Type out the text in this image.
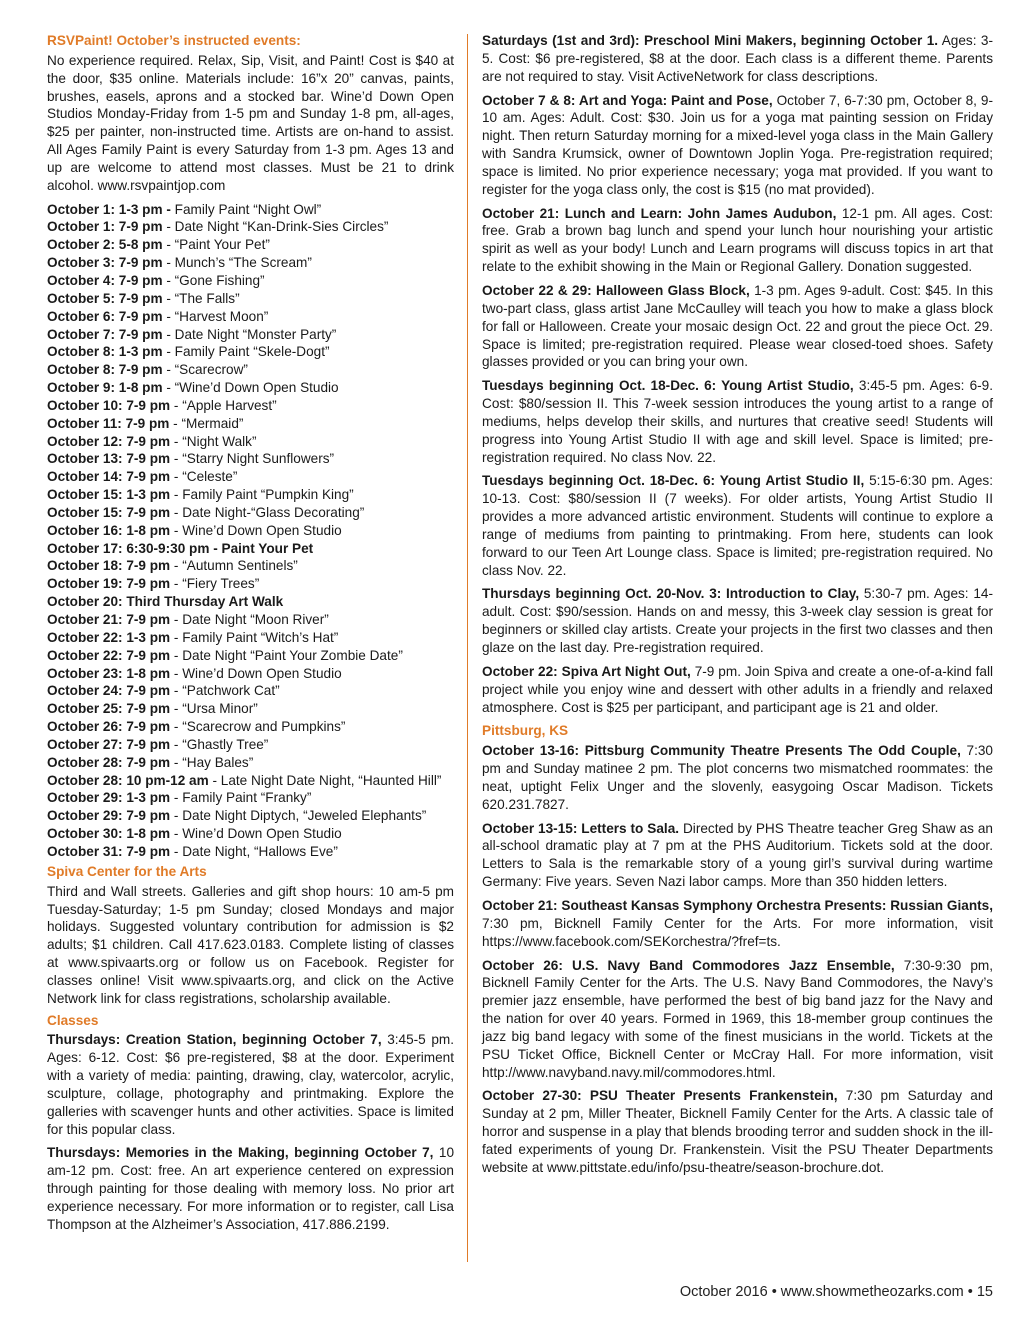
RSVPaint! October’s instructed events:

No experience required. Relax, Sip, Visit, and Paint! Cost is $40 at the door, $35 online. Materials include: 16”x 20” canvas, paints, brushes, easels, aprons and a stocked bar. Wine’d Down Open Studios Monday-Friday from 1-5 pm and Sunday 1-8 pm, all-ages, $25 per painter, non-instructed time. Artists are on-hand to assist. All Ages Family Paint is every Saturday from 1-3 pm. Ages 13 and up are welcome to attend most classes. Must be 21 to drink alcohol. www.rsvpaintjop.com

October 1: 1-3 pm - Family Paint “Night Owl”
October 1: 7-9 pm - Date Night “Kan-Drink-Sies Circles”
October 2: 5-8 pm - “Paint Your Pet”
October 3: 7-9 pm - Munch’s “The Scream”
October 4: 7-9 pm - “Gone Fishing”
October 5: 7-9 pm - “The Falls”
October 6: 7-9 pm - “Harvest Moon”
October 7: 7-9 pm - Date Night “Monster Party”
October 8: 1-3 pm - Family Paint “Skele-Dogt”
October 8: 7-9 pm - “Scarecrow”
October 9: 1-8 pm - “Wine’d Down Open Studio
October 10: 7-9 pm - “Apple Harvest”
October 11: 7-9 pm - “Mermaid”
October 12: 7-9 pm - “Night Walk”
October 13: 7-9 pm - “Starry Night Sunflowers”
October 14: 7-9 pm - “Celeste”
October 15: 1-3 pm - Family Paint “Pumpkin King”
October 15: 7-9 pm - Date Night-“Glass Decorating”
October 16: 1-8 pm - Wine’d Down Open Studio
October 17: 6:30-9:30 pm - Paint Your Pet
October 18: 7-9 pm - “Autumn Sentinels”
October 19: 7-9 pm - “Fiery Trees”
October 20: Third Thursday Art Walk
October 21: 7-9 pm - Date Night “Moon River”
October 22: 1-3 pm - Family Paint “Witch’s Hat”
October 22: 7-9 pm - Date Night “Paint Your Zombie Date”
October 23: 1-8 pm - Wine’d Down Open Studio
October 24: 7-9 pm - “Patchwork Cat”
October 25: 7-9 pm - “Ursa Minor”
October 26: 7-9 pm - “Scarecrow and Pumpkins”
October 27: 7-9 pm - “Ghastly Tree”
October 28: 7-9 pm - “Hay Bales”
October 28: 10 pm-12 am - Late Night Date Night, “Haunted Hill”
October 29: 1-3 pm - Family Paint “Franky”
October 29: 7-9 pm - Date Night Diptych, “Jeweled Elephants”
October 30: 1-8 pm - Wine’d Down Open Studio
October 31: 7-9 pm - Date Night, “Hallows Eve”

Spiva Center for the Arts

Third and Wall streets. Galleries and gift shop hours: 10 am-5 pm Tuesday-Saturday; 1-5 pm Sunday; closed Mondays and major holidays. Suggested voluntary contribution for admission is $2 adults; $1 children. Call 417.623.0183. Complete listing of classes at www.spivaarts.org or follow us on Facebook. Register for classes online! Visit www.spivaarts.org, and click on the Active Network link for class registrations, scholarship available.

Classes

Thursdays: Creation Station, beginning October 7, 3:45-5 pm. Ages: 6-12. Cost: $6 pre-registered, $8 at the door. Experiment with a variety of media: painting, drawing, clay, watercolor, acrylic, sculpture, collage, photography and printmaking. Explore the galleries with scavenger hunts and other activities. Space is limited for this popular class.

Thursdays: Memories in the Making, beginning October 7, 10 am-12 pm. Cost: free. An art experience centered on expression through painting for those dealing with memory loss. No prior art experience necessary. For more information or to register, call Lisa Thompson at the Alzheimer’s Association, 417.886.2199.

Saturdays (1st and 3rd): Preschool Mini Makers, beginning October 1. Ages: 3-5. Cost: $6 pre-registered, $8 at the door. Each class is a different theme. Parents are not required to stay. Visit ActiveNetwork for class descriptions.

October 7 & 8: Art and Yoga: Paint and Pose, October 7, 6-7:30 pm, October 8, 9-10 am. Ages: Adult. Cost: $30. Join us for a yoga mat painting session on Friday night. Then return Saturday morning for a mixed-level yoga class in the Main Gallery with Sandra Krumsick, owner of Downtown Joplin Yoga. Pre-registration required; space is limited. No prior experience necessary; yoga mat provided. If you want to register for the yoga class only, the cost is $15 (no mat provided).

October 21: Lunch and Learn: John James Audubon, 12-1 pm. All ages. Cost: free. Grab a brown bag lunch and spend your lunch hour nourishing your artistic spirit as well as your body! Lunch and Learn programs will discuss topics in art that relate to the exhibit showing in the Main or Regional Gallery. Donation suggested.

October 22 & 29: Halloween Glass Block, 1-3 pm. Ages 9-adult. Cost: $45. In this two-part class, glass artist Jane McCaulley will teach you how to make a glass block for fall or Halloween. Create your mosaic design Oct. 22 and grout the piece Oct. 29. Space is limited; pre-registration required. Please wear closed-toed shoes. Safety glasses provided or you can bring your own.

Tuesdays beginning Oct. 18-Dec. 6: Young Artist Studio, 3:45-5 pm. Ages: 6-9. Cost: $80/session II. This 7-week session introduces the young artist to a range of mediums, helps develop their skills, and nurtures that creative seed! Students will progress into Young Artist Studio II with age and skill level. Space is limited; pre-registration required. No class Nov. 22.

Tuesdays beginning Oct. 18-Dec. 6: Young Artist Studio II, 5:15-6:30 pm. Ages: 10-13. Cost: $80/session II (7 weeks). For older artists, Young Artist Studio II provides a more advanced artistic environment. Students will continue to explore a range of mediums from painting to printmaking. From here, students can look forward to our Teen Art Lounge class. Space is limited; pre-registration required. No class Nov. 22.

Thursdays beginning Oct. 20-Nov. 3: Introduction to Clay, 5:30-7 pm. Ages: 14-adult. Cost: $90/session. Hands on and messy, this 3-week clay session is great for beginners or skilled clay artists. Create your projects in the first two classes and then glaze on the last day. Pre-registration required.

October 22: Spiva Art Night Out, 7-9 pm. Join Spiva and create a one-of-a-kind fall project while you enjoy wine and dessert with other adults in a friendly and relaxed atmosphere. Cost is $25 per participant, and participant age is 21 and older.

Pittsburg, KS

October 13-16: Pittsburg Community Theatre Presents The Odd Couple, 7:30 pm and Sunday matinee 2 pm. The plot concerns two mismatched roommates: the neat, uptight Felix Unger and the slovenly, easygoing Oscar Madison. Tickets 620.231.7827.

October 13-15: Letters to Sala. Directed by PHS Theatre teacher Greg Shaw as an all-school dramatic play at 7 pm at the PHS Auditorium. Tickets sold at the door. Letters to Sala is the remarkable story of a young girl’s survival during wartime Germany: Five years. Seven Nazi labor camps. More than 350 hidden letters.

October 21: Southeast Kansas Symphony Orchestra Presents: Russian Giants, 7:30 pm, Bicknell Family Center for the Arts. For more information, visit https://www.facebook.com/SEKorchestra/?fref=ts.

October 26: U.S. Navy Band Commodores Jazz Ensemble, 7:30-9:30 pm, Bicknell Family Center for the Arts. The U.S. Navy Band Commodores, the Navy’s premier jazz ensemble, have performed the best of big band jazz for the Navy and the nation for over 40 years. Formed in 1969, this 18-member group continues the jazz big band legacy with some of the finest musicians in the world. Tickets at the PSU Ticket Office, Bicknell Center or McCray Hall. For more information, visit http://www.navyband.navy.mil/commodores.html.

October 27-30: PSU Theater Presents Frankenstein, 7:30 pm Saturday and Sunday at 2 pm, Miller Theater, Bicknell Family Center for the Arts. A classic tale of horror and suspense in a play that blends brooding terror and sudden shock in the ill-fated experiments of young Dr. Frankenstein. Visit the PSU Theater Departments website at www.pittstate.edu/info/psu-theatre/season-brochure.dot.

October 2016 • www.showmetheozarks.com • 15
